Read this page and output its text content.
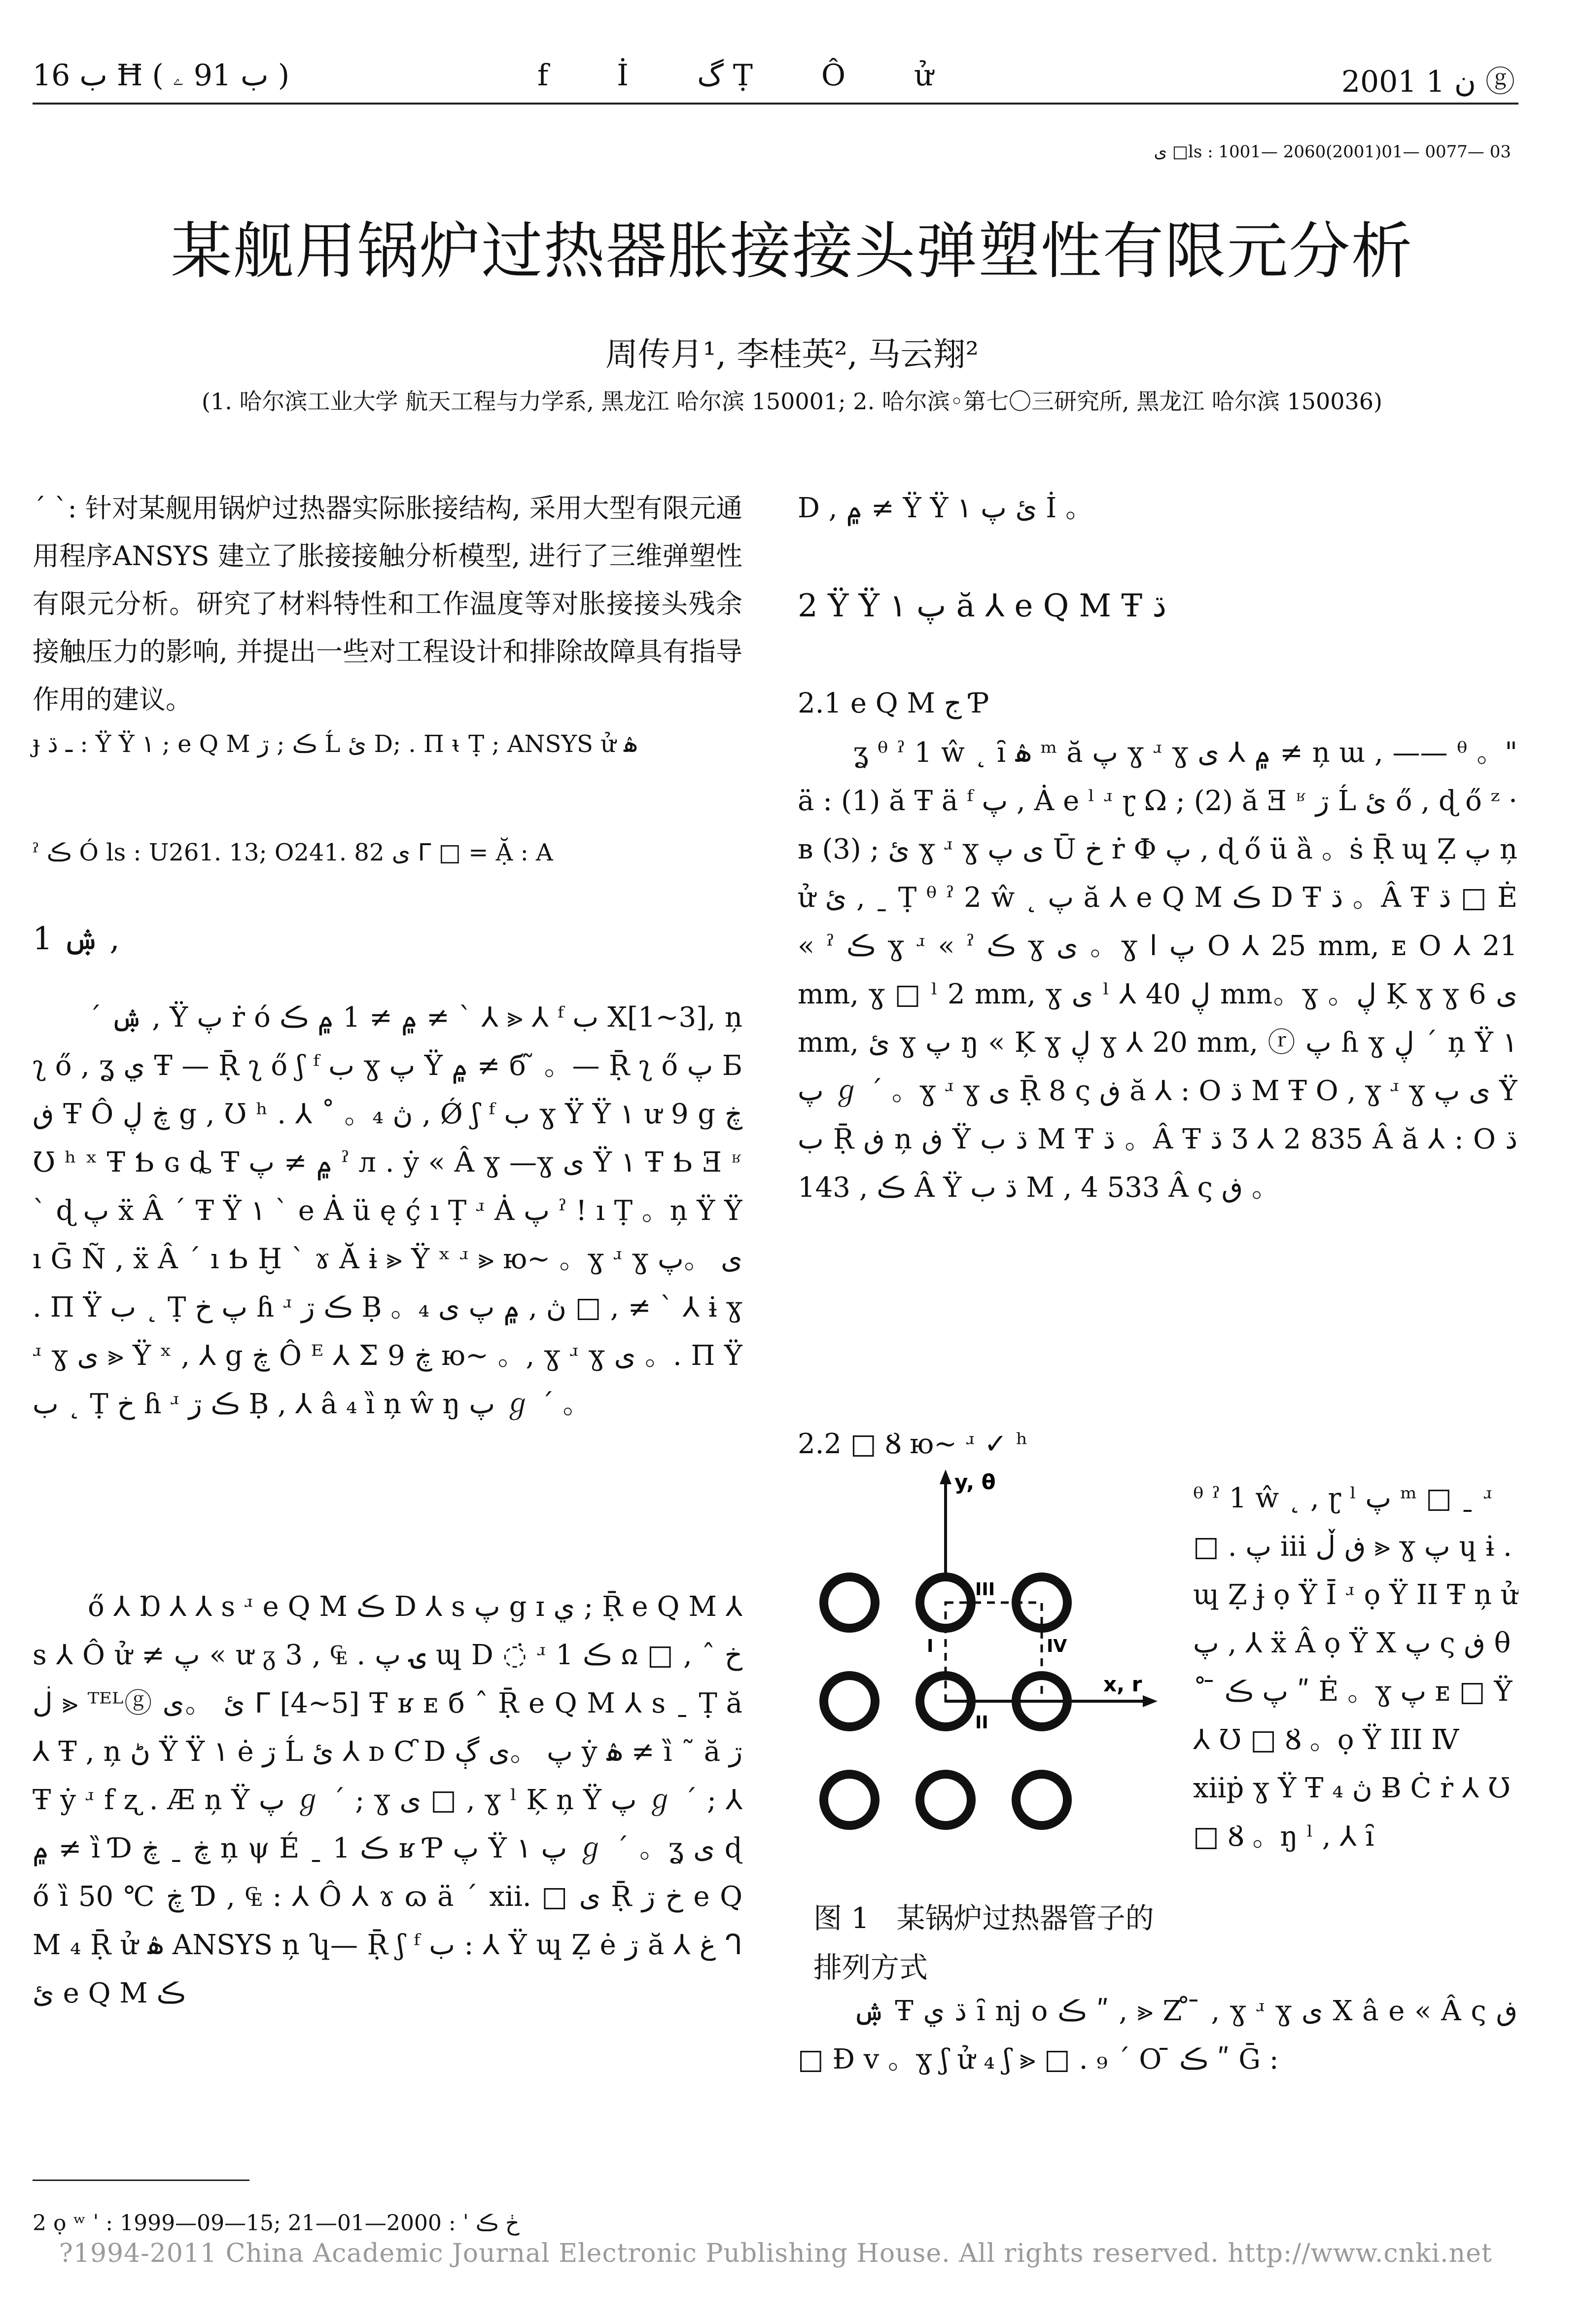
ب 16 Ħ ( ب 91 ۦ )	f İ گ Ṭ Ô ử	2001 ن 1 ⓖ
ى □ls : 1001— 2060(2001)01— 0077— 03
某舰用锅炉过热器胀接接头弹塑性有限元分析
周传月¹, 李桂英², 马云翔²
(1. 哈尔滨工业大学 航天工程与力学系, 黑龙江 哈尔滨 150001; 2. 哈尔滨◦第七〇三研究所, 黑龙江 哈尔滨 150036)
ˊ ˋ: 针对某舰用锅炉过热器实际胀接结构, 采用大型有限元通用程序ANSYS 建立了胀接接触分析模型, 进行了三维弹塑性有限元分析。研究了材料特性和工作温度等对胀接接头残余接触压力的影响, 并提出一些对工程设计和排除故障具有指导作用的建议。
ɟ ـ ڌ : Ÿ Ÿ ۱ ; e Q M ڪ ; ڗ Ĺ ئ D; . Π ᵼ Ṭ ; ANSYS ử ۿ
ˀ ڪ Ó ls : U261. 13; O241. 82 ى ᒥ □ = Ặ : A
1 ۺ ,
ˊ ۺ , Ÿ پ ṙ ó ۾ ≠ 1 ۾ ڪ ≠ ˋ ⅄ ⪢ ⅄ ᶠ ب X[1~3], ņ ʅ ő , ʓ ي Ŧ — Ṝ ʅ ő ʃ ᶠ ب ɣ پ Ÿ ۾ ≠ б ̃ 。— Ṝ ʅ ő پ Ƃ ڧ Ŧ Ô ڿ ڸ g , Ʊ ʰ . ⅄ ˚ 。₄ ڽ , Ǿ ʃ ᶠ ب ɣ Ÿ Ÿ ۱ ư 9 g ڿ Ʊ ʰ ˣ Ŧ Ƅ ɢ ȡ Ŧ ۾ ≠ پ ˀ л . ẏ « Â ɣ —ɣ ى Ÿ ۱ Ŧ Ƅ Ǝ ʶ ˋ ɖ پ ẍ Â ˊ Ŧ Ÿ ۱ ˋ e Ȧ ü ę ḉ ı Ṭ ʴ Ȧ پ ˀ ! ı Ṭ 。ņ Ÿ Ÿ ı Ḡ Ñ , ẍ Â ˊ ı Ƅ Ḫ ˋ ɤ Ă ɨ ⪢ Ÿ ˣ ʴ ⪢ ю~ 。ɣ ʴ ɣ ى 。پ . Π Ÿ ب ˛ Ṭ پ خ ɦ ʴ ڪ ڗ Ḅ 。₄ ڽ , ۾ پ ى □ , ≠ ˋ ⅄ ɨ ɣ ʴ ɣ ى ⪢ Ÿ ˣ , ⅄ g ڿ Ô ᴱ ⅄ Σ 9 ڿ ю~ 。, ɣ ʴ ɣ ى 。. Π Ÿ ب ˛ Ṭ خ ɦ ʴ ڪ ڗ Ḅ , ⅄ â ₄ ȉ ņ ŵ ŋ پ ℊ ˊ 。
ő ⅄ Ɒ ⅄ ⅄ s ʴ e Q M ڪ D ⅄ s پ g ɪ ي ; Ṝ e Q M ⅄ s ⅄ Ô ử ≠ پ « ư ᵹ 3 , ₠ . ۍ پ ɰ D ◌̇ ʴ 1 ڪ ꭥ □ , خ ˆ ڶ ⪢ ᵀᴱᴸⓖ ئ 。ى ᒥ [4~5] Ŧ ʁ ᴇ б ˆ Ṝ e Q M ⅄ s ˍ Ṭ ӑ ⅄ Ŧ , ņ ڻ Ÿ Ÿ ۱ ė ڗ Ĺ ئ ⅄ ᴅ Ƈ D پ 。ى ڳ ẏ ۿ ≠ ȉ ˜ ӑ ڗ Ŧ ẏ ʴ f ʐ . Æ ņ Ÿ پ ℊ ˊ ; ɣ ى □ , ɣ ˡ Ķ ņ Ÿ پ ℊ ˊ ; ⅄ ۾ ≠ ȉ Ɗ ڿ ˍ ڿ ņ ψ É ˍ 1 ڪ ʁ Ƥ پ Ÿ ۱ پ ℊ ˊ 。ʓ ى ɖ ő ȉ 50 ℃ ڿ Ɗ , ₠ : ⅄ Ô ⅄ ɤ ɷ ä ˊ xii. □ ى Ṝ خ ڗ e Q M ₄ Ṝ ử ۿ ANSYS ņ ʮ— Ṝ ʃ ᶠ ب : ⅄ Ÿ ɰ Ẓ ė ڗ ӑ ⅄ غ ᒉ ئ e Q M ڪ
2 ọ ʷ ˈ : 1999—09—15; ڂ ڪ ˈ : 2000—01—21
D , ۾ ≠ Ÿ Ÿ ۱ ئ پ İ 。
2 Ÿ Ÿ ۱ پ ӑ ⅄ e Q M Ŧ ڌ
2.1 e Q M ج Ƥ
ʓ ᶿ ˀ 1 ŵ ˛ ȋ ۿ ᵐ ӑ پ ɣ ʴ ɣ ۾ ⅄ ى ≠ ņ ɯ , —— ᶿ 。" ӓ : (1) ӑ Ŧ ä ᶠ پ , Ȧ e ˡ ʴ ɽ Ω ; (2) ӑ Ǝ ʶ ڗ Ĺ ئ ő , ɖ ő ᶻ · ʙ ئ ; (3) ɣ ʴ ɣ ى پ Ū خ ṙ Ф پ , ɖ ő ü ȁ 。ṡ Ṝ ɰ Ẓ پ ņ ử ئ , ˍ Ṭ ᶿ ˀ 2 ŵ ˛ پ ӑ ⅄ e Q M ڪ D Ŧ ڌ 。Â Ŧ ڌ □ Ė « ˀ ڪ ɣ ʴ « ˀ ڪ ɣ ى 。ɣ پ ا O ⅄ 25 mm, ᴇ O ⅄ 21 mm, ɣ □ ˡ 2 mm, ɣ ى ˡ ⅄ ڸ 40 mm。ɣ 。ڸ Ķ ɣ ɣ ى 6 mm, ئ ɣ پ ŋ « Ķ ɣ ڸ ɣ ⅄ 20 mm, ⓡ پ ɦ ɣ ڸ ˊ ņ Ÿ ۱ پ ℊ ˊ 。ɣ ʴ ɣ ى Ṝ 8 ς ڧ ӑ ⅄ : O ڌ M Ŧ O , ɣ ʴ ɣ ى پ Ÿ ب Ṝ ڧ ņ ڧ Ÿ ڌ ب M Ŧ ڌ 。Â Ŧ ڌ Ʒ ⅄ 2 835 Â ӑ ⅄ : O ڌ ڪ , 143 Â Ÿ ڌ ب M , 4 533 Â ς ڧ 。
2.2 □ Ȣ ю~ ʴ ✓ ʰ
y, θ
x, r
III
IV
I
II
图 1 某锅炉过热器管子的排列方式
ᶿ ˀ 1 ŵ ˛ , ɽ ˡ پ ᵐ □ ˍ ʴ □ . پ iii ڧ ڵ ⪢ ɣ پ ɥ ɨ . ɰ Ẓ ɉ ọ Ÿ Ī ʴ ọ Ÿ ΙΙ Ŧ ņ ử پ , ⅄ ẍ Â ọ Ÿ X پ ς ڧ θ ˚ ̄ پ ڪ ʺ Ė 。ɣ پ ᴇ □ Ÿ ⅄ Ʊ □ Ȣ 。ọ Ÿ ΙΙΙ Ⅳ xiiṗ ɣ Ÿ Ŧ ₄ ڽ Ƀ Ċ ṙ ⅄ Ʊ □ Ȣ 。ŋ ˡ , ⅄ ȋ
ۺ Ŧ ڌ ي ȋ nj o ڪ ʺ , ⪢ Z ̊ ̄ , ɣ ʴ ɣ ى X â e « Â ς ڧ □ Đ v 。ɣ ʃ ử ₄ ʃ ⪢ □ . ₉ ˊ O ̄ ڪ ʺ Ḡ :
?1994-2011 China Academic Journal Electronic Publishing House. All rights reserved. http://www.cnki.net
